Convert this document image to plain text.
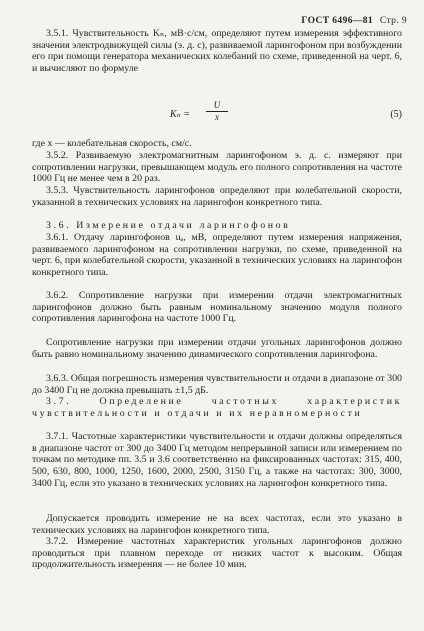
ГОСТ 6496—81 Стр. 9

3.5.1. Чувствительность Kₙ, мВ·с/см, определяют путем измерения эффективного значения электродвижущей силы (э. д. с), развиваемой ларингофоном при возбуждении его при помощи генератора механических колебаний по схеме, приведенной на черт. 6, и вычисляют по формуле

$K_n = \frac{U}{x}$	(5)

где x — колебательная скорость, см/с.

3.5.2. Развиваемую электромагнитным ларингофоном э. д. с. измеряют при сопротивлении нагрузки, превышающем модуль его полного сопротивления на частоте 1000 Гц не менее чем в 20 раз.

3.5.3. Чувствительность ларингофонов определяют при колебательной скорости, указанной в технических условиях на ларингофон конкретного типа.

3.6. Измерение отдачи ларингофонов

3.6.1. Отдачу ларингофонов uₐ, мВ, определяют путем измерения напряжения, развиваемого ларингофоном на сопротивлении нагрузки, по схеме, приведенной на черт. 6, при колебательной скорости, указанной в технических условиях на ларингофон конкретного типа.

3.6.2. Сопротивление нагрузки при измерении отдачи электромагнитных ларингофонов должно быть равным номинальному значению модуля полного сопротивления ларингофона на частоте 1000 Гц.

Сопротивление нагрузки при измерении отдачи угольных ларингофонов должно быть равно номинальному значению динамического сопротивления ларингофона.

3.6.3. Общая погрешность измерения чувствительности и отдачи в диапазоне от 300 до 3400 Гц не должна превышать ±1,5 дБ.

3.7. Определение частотных характеристик чувствительности и отдачи и их неравномерности

3.7.1. Частотные характеристики чувствительности и отдачи должны определяться в диапазоне частот от 300 до 3400 Гц методом непрерывной записи или измерением по точкам по методике пп. 3.5 и 3.6 соответственно на фиксированных частотах: 315, 400, 500, 630, 800, 1000, 1250, 1600, 2000, 2500, 3150 Гц, а также на частотах: 300, 3000, 3400 Гц, если это указано в технических условиях на ларингофон конкретного типа.

Допускается проводить измерение не на всех частотах, если это указано в технических условиях на ларингофон конкретного типа.

3.7.2. Измерение частотных характеристик угольных ларингофонов должно проводиться при плавном переходе от низких частот к высоким. Общая продолжительность измерения — не более 10 мин.
